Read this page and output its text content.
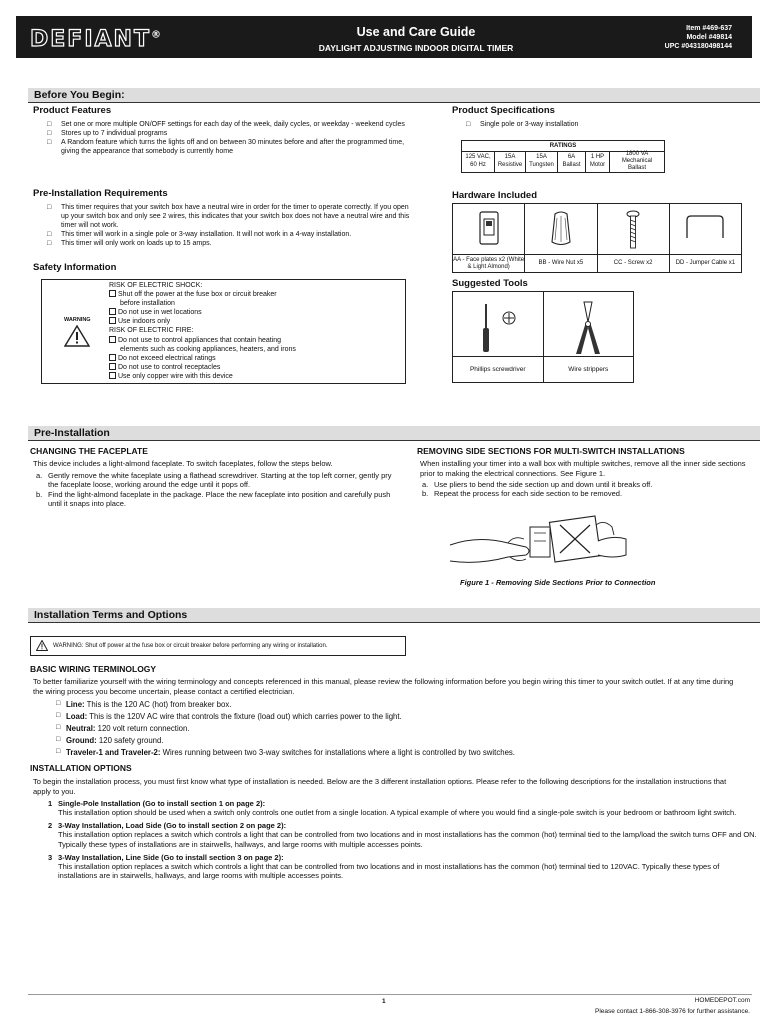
DEFIANT®	Use and Care Guide
DAYLIGHT ADJUSTING INDOOR DIGITAL TIMER
Item #469-637
Model #49814
UPC #043180498144
Before You Begin:
Product Features
□ Set one or more multiple ON/OFF settings for each day of the week, daily cycles, or weekday - weekend cycles
□ Stores up to 7 individual programs
□ A Random feature which turns the lights off and on between 30 minutes before and after the programmed time, giving the appearance that somebody is currently home
Pre-Installation Requirements
□ This timer requires that your switch box have a neutral wire in order for the timer to operate correctly. If you open up your switch box and only see 2 wires, this indicates that your switch box does not have a neutral wire and this timer will not work.
□ This timer will work in a single pole or 3-way installation. It will not work in a 4-way installation.
□ This timer will only work on loads up to 15 amps.
Safety Information
WARNING
RISK OF ELECTRIC SHOCK:
Shut off the power at the fuse box or circuit breaker
before installation
Do not use in wet locations
Use indoors only
RISK OF ELECTRIC FIRE:
Do not use to control appliances that contain heating
elements such as cooking appliances, heaters, and irons
Do not exceed electrical ratings
Do not use to control receptacles
Use only copper wire with this device
Product Specifications
□ Single pole or 3-way installation
RATINGS
125 VAC, 60 Hz
15A Resistive
15A Tungsten
6A Ballast
1 HP Motor
1800 VA Mechanical Ballast
Hardware Included
AA - Face plates x2 (White & Light Almond)
BB - Wire Nut x5	CC - Screw x2	DD - Jumper Cable x1
Suggested Tools
Phillips screwdriver	Wire strippers
Pre-Installation
CHANGING THE FACEPLATE
This device includes a light-almond faceplate. To switch faceplates, follow the steps below.
a. Gently remove the white faceplate using a flathead screwdriver. Starting at the top left corner, gently pry the faceplate loose, working around the edge until it pops off.
b. Find the light-almond faceplate in the package. Place the new faceplate into position and carefully push until it snaps into place.
REMOVING SIDE SECTIONS FOR MULTI-SWITCH INSTALLATIONS
When installing your timer into a wall box with multiple switches, remove all the inner side sections prior to making the electrical connections. See Figure 1.
a. Use pliers to bend the side section up and down until it breaks off.
b. Repeat the process for each side section to be removed.
Figure 1 - Removing Side Sections Prior to Connection
Installation Terms and Options
WARNING: Shut off power at the fuse box or circuit breaker before performing any wiring or installation.
BASIC WIRING TERMINOLOGY
To better familiarize yourself with the wiring terminology and concepts referenced in this manual, please review the following information before you begin wiring this timer to your switch outlet. If at any time during the wiring process you become uncertain, please contact a certified electrician.
□ Line: This is the 120 AC (hot) from breaker box.
□ Load: This is the 120V AC wire that controls the fixture (load out) which carries power to the light.
□ Neutral: 120 volt return connection.
□ Ground: 120 safety ground.
□ Traveler-1 and Traveler-2: Wires running between two 3-way switches for installations where a light is controlled by two switches.
INSTALLATION OPTIONS
To begin the installation process, you must first know what type of installation is needed. Below are the 3 different installation options. Please refer to the following descriptions for the installation instructions that apply to you.
1 Single-Pole Installation (Go to install section 1 on page 2):
This installation option should be used when a switch only controls one outlet from a single location. A typical example of where you would find a single-pole switch is your bedroom or bathroom light switch.
2 3-Way Installation, Load Side (Go to install section 2 on page 2):
This installation option replaces a switch which controls a light that can be controlled from two locations and in most installations has the common (hot) terminal tied to the lamp/load the switch turns OFF and ON. Typically these types of installations are in stairwells, hallways, and large rooms with multiple accesses points.
3 3-Way Installation, Line Side (Go to install section 3 on page 2):
This installation option replaces a switch which controls a light that can be controlled from two locations and in most installations has the common (hot) terminal tied to 120VAC. Typically these types of installations are in stairwells, hallways, and large rooms with multiple accesses points.
1	HOMEDEPOT.com
Please contact 1-866-308-3976 for further assistance.
